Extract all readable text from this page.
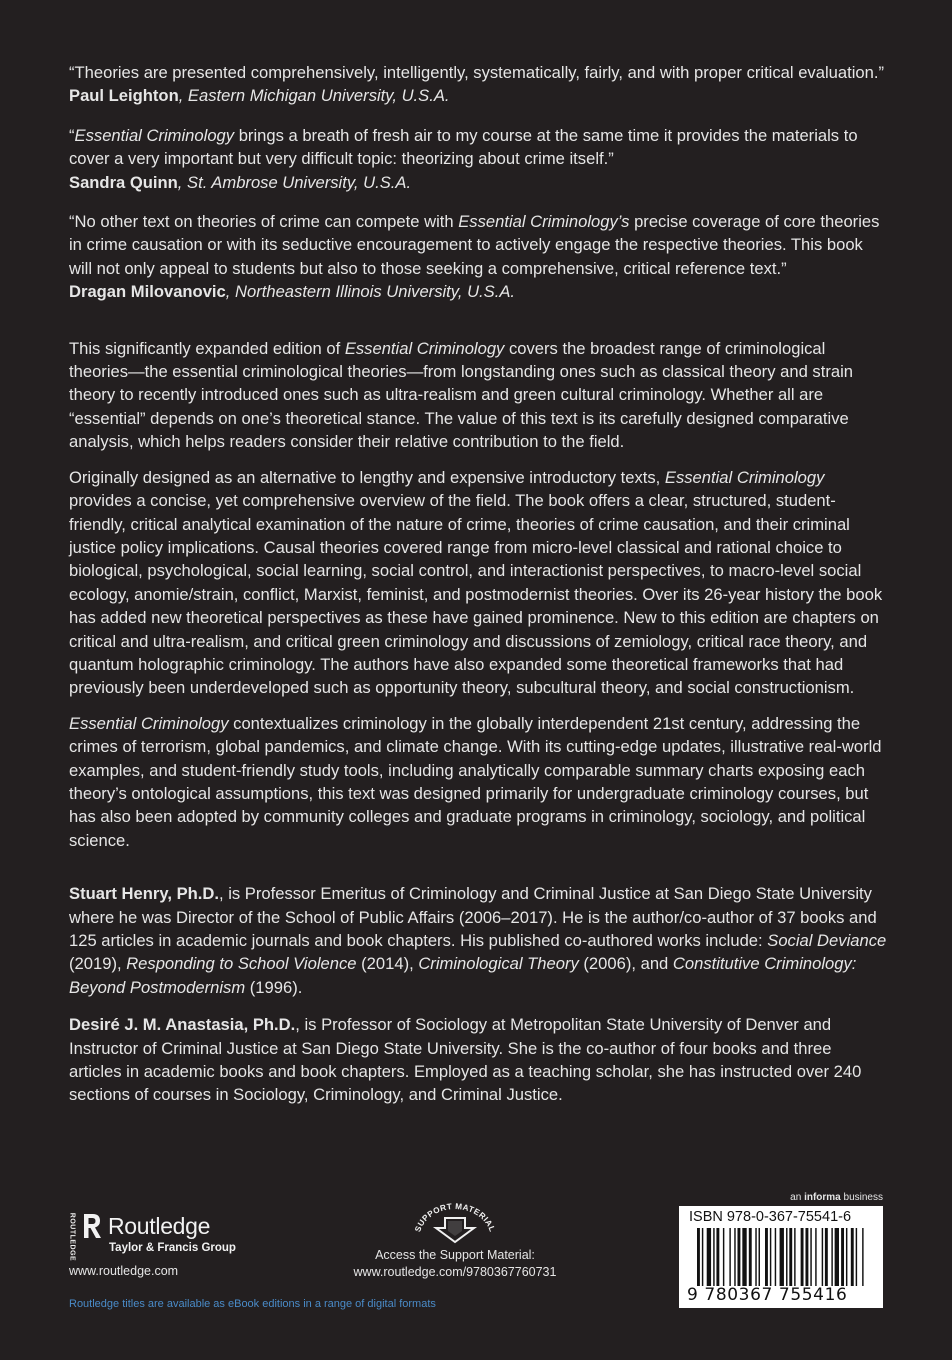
“Theories are presented comprehensively, intelligently, systematically, fairly, and with proper critical evaluation.”
Paul Leighton, Eastern Michigan University, U.S.A.

“Essential Criminology brings a breath of fresh air to my course at the same time it provides the materials to cover a very important but very difficult topic: theorizing about crime itself.”
Sandra Quinn, St. Ambrose University, U.S.A.

“No other text on theories of crime can compete with Essential Criminology’s precise coverage of core theories in crime causation or with its seductive encouragement to actively engage the respective theories. This book will not only appeal to students but also to those seeking a comprehensive, critical reference text.”
Dragan Milovanovic, Northeastern Illinois University, U.S.A.

This significantly expanded edition of Essential Criminology covers the broadest range of criminological theories—the essential criminological theories—from longstanding ones such as classical theory and strain theory to recently introduced ones such as ultra-realism and green cultural criminology. Whether all are “essential” depends on one’s theoretical stance. The value of this text is its carefully designed comparative analysis, which helps readers consider their relative contribution to the field.

Originally designed as an alternative to lengthy and expensive introductory texts, Essential Criminology provides a concise, yet comprehensive overview of the field. The book offers a clear, structured, student-friendly, critical analytical examination of the nature of crime, theories of crime causation, and their criminal justice policy implications. Causal theories covered range from micro-level classical and rational choice to biological, psychological, social learning, social control, and interactionist perspectives, to macro-level social ecology, anomie/strain, conflict, Marxist, feminist, and postmodernist theories. Over its 26-year history the book has added new theoretical perspectives as these have gained prominence. New to this edition are chapters on critical and ultra-realism, and critical green criminology and discussions of zemiology, critical race theory, and quantum holographic criminology. The authors have also expanded some theoretical frameworks that had previously been underdeveloped such as opportunity theory, subcultural theory, and social constructionism.

Essential Criminology contextualizes criminology in the globally interdependent 21st century, addressing the crimes of terrorism, global pandemics, and climate change. With its cutting-edge updates, illustrative real-world examples, and student-friendly study tools, including analytically comparable summary charts exposing each theory’s ontological assumptions, this text was designed primarily for undergraduate criminology courses, but has also been adopted by community colleges and graduate programs in criminology, sociology, and political science.

Stuart Henry, Ph.D., is Professor Emeritus of Criminology and Criminal Justice at San Diego State University where he was Director of the School of Public Affairs (2006–2017). He is the author/co-author of 37 books and 125 articles in academic journals and book chapters. His published co-authored works include: Social Deviance (2019), Responding to School Violence (2014), Criminological Theory (2006), and Constitutive Criminology: Beyond Postmodernism (1996).

Desiré J. M. Anastasia, Ph.D., is Professor of Sociology at Metropolitan State University of Denver and Instructor of Criminal Justice at San Diego State University. She is the co-author of four books and three articles in academic books and book chapters. Employed as a teaching scholar, she has instructed over 240 sections of courses in Sociology, Criminology, and Criminal Justice.

ROUTLEDGE Routledge
Taylor & Francis Group
www.routledge.com
SUPPORT MATERIAL
Access the Support Material:
www.routledge.com/9780367760731
an informa business
ISBN 978-0-367-75541-6
9 780367 755416
Routledge titles are available as eBook editions in a range of digital formats
